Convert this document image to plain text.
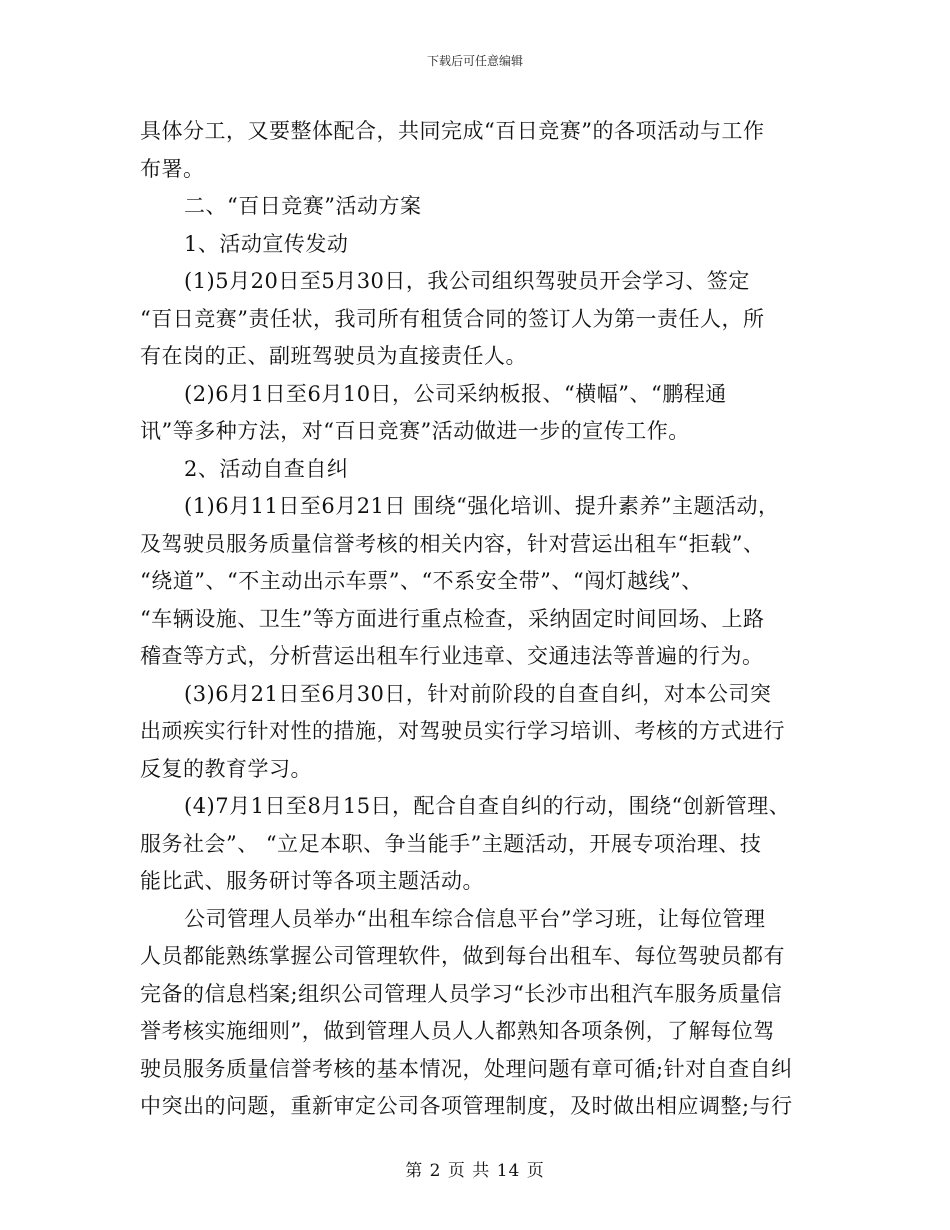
下载后可任意编辑
具体分工，又要整体配合，共同完成“百日竞赛”的各项活动与工作
布署。
二、“百日竞赛”活动方案
1、活动宣传发动
(1)5月20日至5月30日，我公司组织驾驶员开会学习、签定
“百日竞赛”责任状，我司所有租赁合同的签订人为第一责任人，所
有在岗的正、副班驾驶员为直接责任人。
(2)6月1日至6月10日，公司采纳板报、“横幅”、“鹏程通
讯”等多种方法，对“百日竞赛”活动做进一步的宣传工作。
2、活动自查自纠
(1)6月11日至6月21日 围绕“强化培训、提升素养”主题活动，
及驾驶员服务质量信誉考核的相关内容，针对营运出租车“拒载”、
“绕道”、“不主动出示车票”、“不系安全带”、“闯灯越线”、
“车辆设施、卫生”等方面进行重点检查，采纳固定时间回场、上路
稽查等方式，分析营运出租车行业违章、交通违法等普遍的行为。
(3)6月21日至6月30日，针对前阶段的自查自纠，对本公司突
出顽疾实行针对性的措施，对驾驶员实行学习培训、考核的方式进行
反复的教育学习。
(4)7月1日至8月15日，配合自查自纠的行动，围绕“创新管理、
服务社会”、 “立足本职、争当能手”主题活动，开展专项治理、技
能比武、服务研讨等各项主题活动。
公司管理人员举办“出租车综合信息平台”学习班，让每位管理
人员都能熟练掌握公司管理软件，做到每台出租车、每位驾驶员都有
完备的信息档案;组织公司管理人员学习“长沙市出租汽车服务质量信
誉考核实施细则”，做到管理人员人人都熟知各项条例，了解每位驾
驶员服务质量信誉考核的基本情况，处理问题有章可循;针对自查自纠
中突出的问题，重新审定公司各项管理制度，及时做出相应调整;与行
第 2 页 共 14 页
